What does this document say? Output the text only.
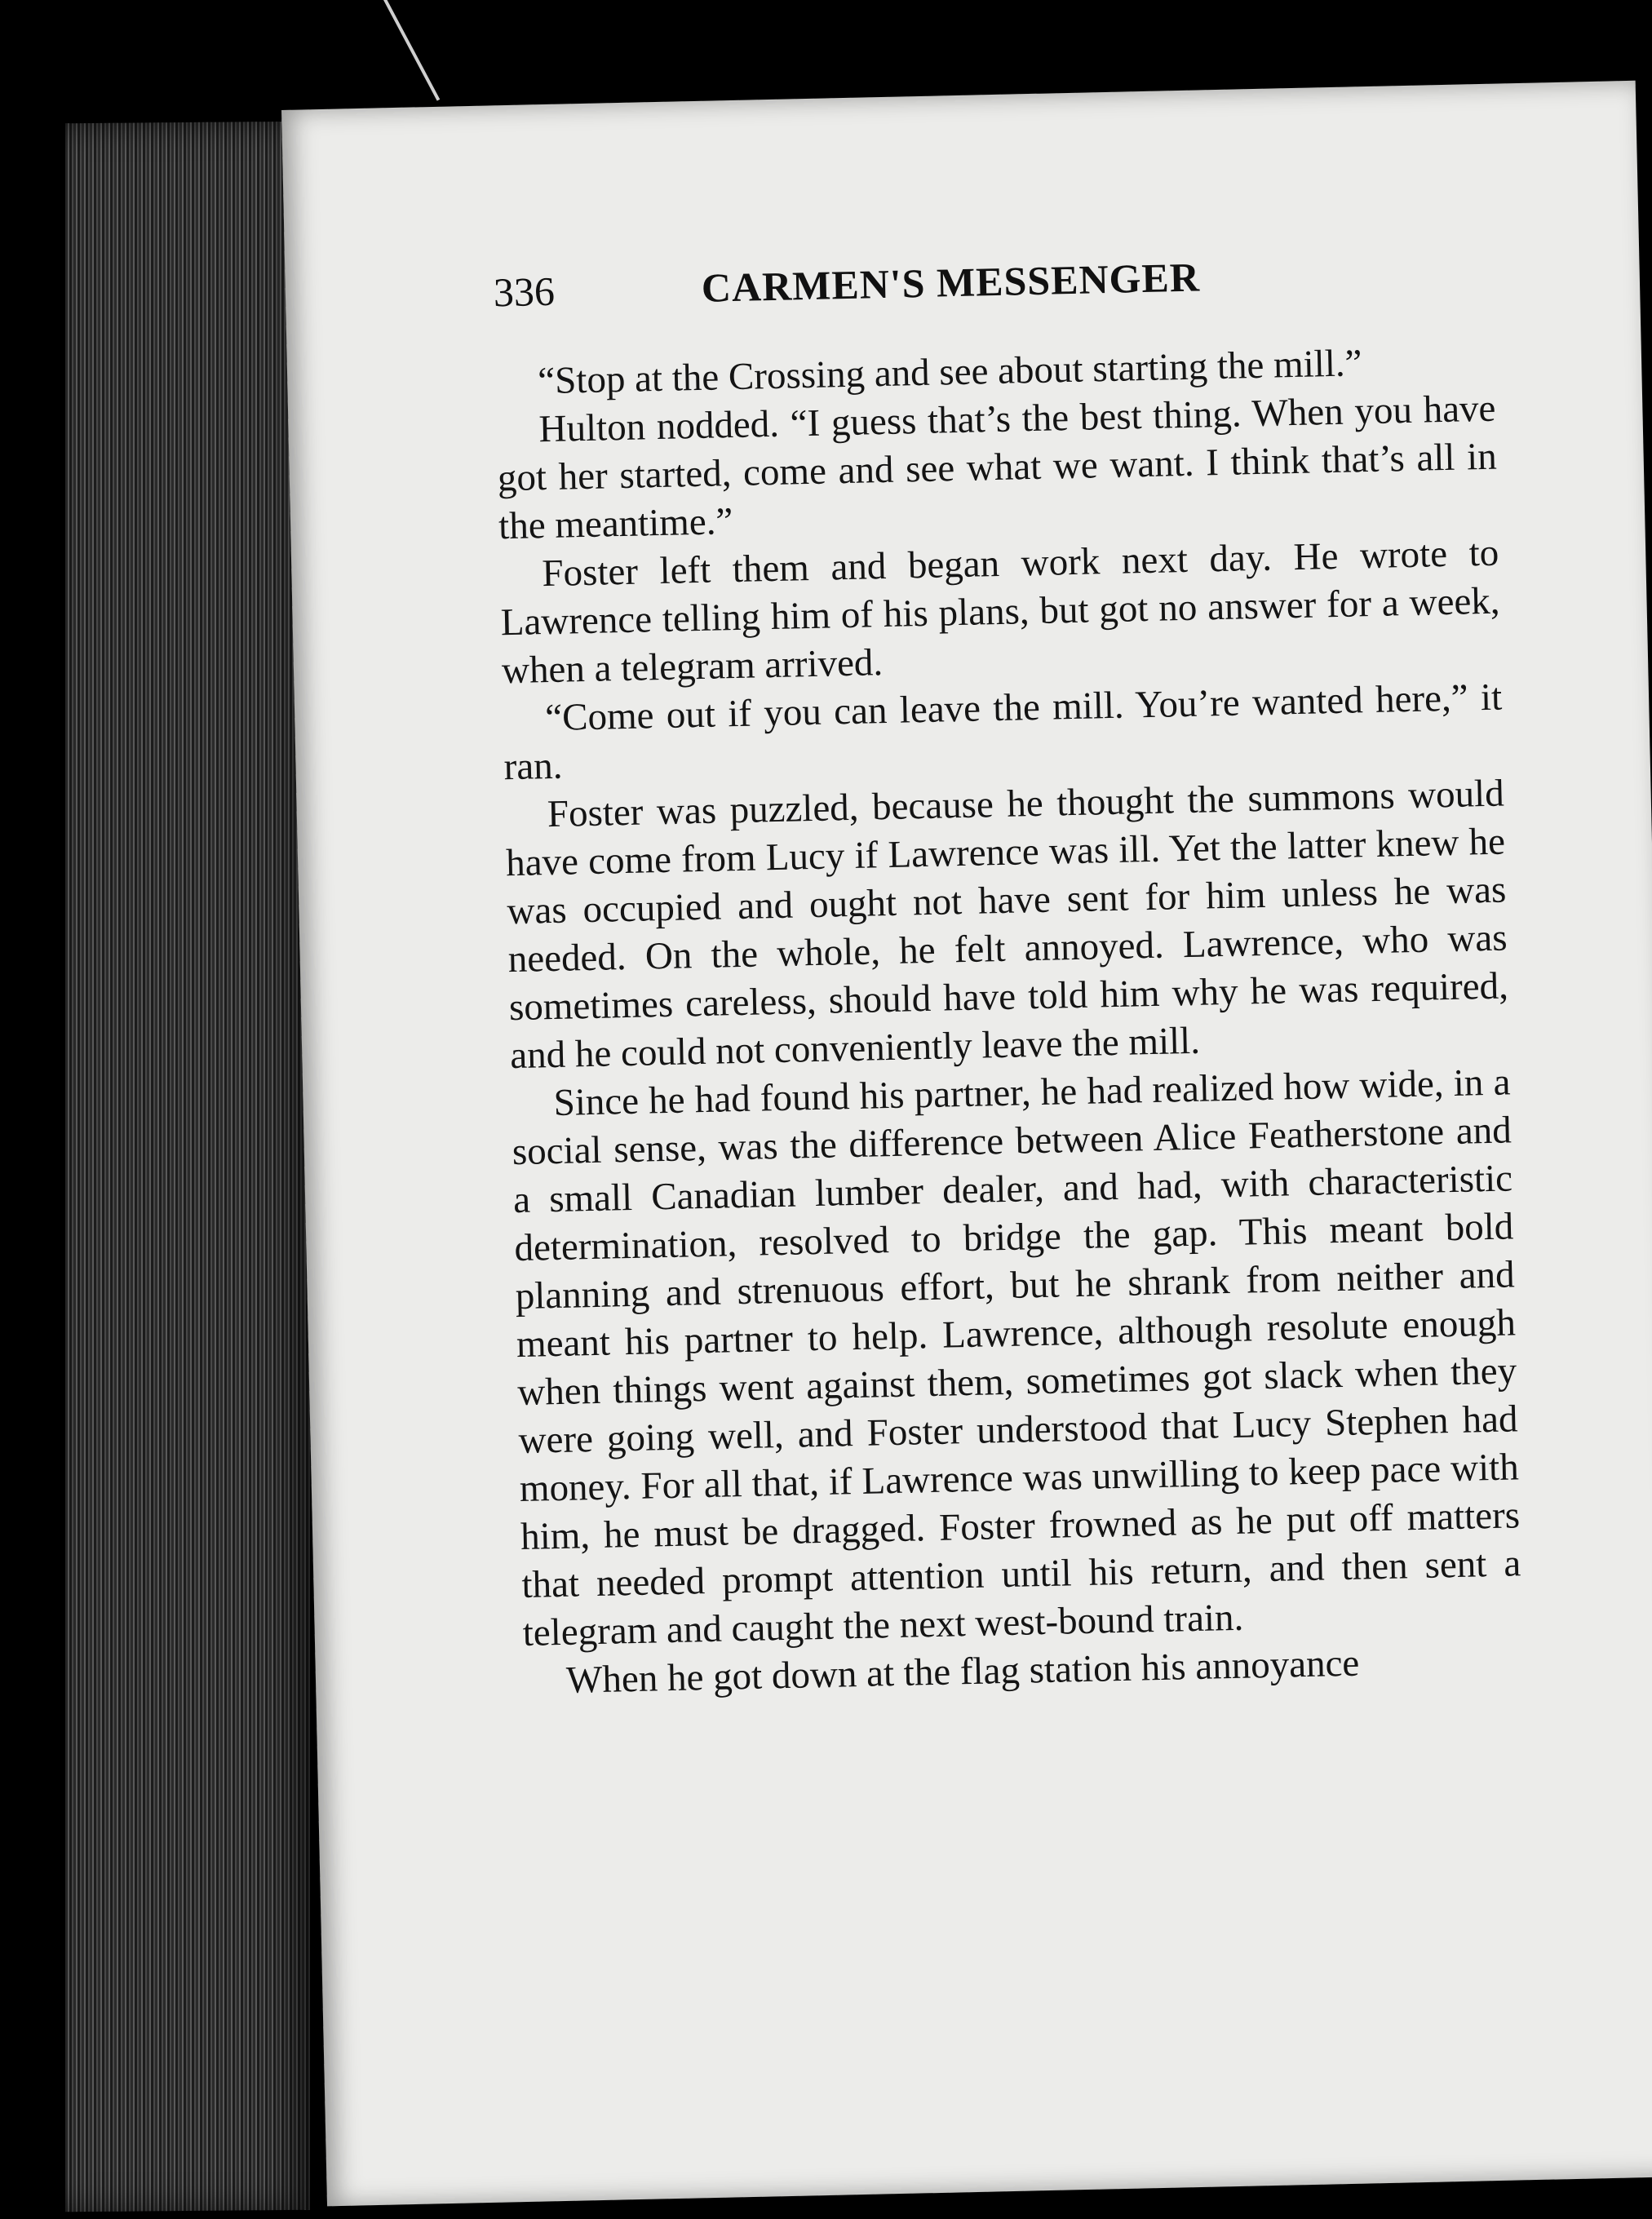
336	CARMEN'S MESSENGER

“Stop at the Crossing and see about starting the mill.”

Hulton nodded. “I guess that’s the best thing. When you have got her started, come and see what we want. I think that’s all in the meantime.”

Foster left them and began work next day. He wrote to Lawrence telling him of his plans, but got no answer for a week, when a telegram arrived.

“Come out if you can leave the mill. You’re wanted here,” it ran.

Foster was puzzled, because he thought the summons would have come from Lucy if Lawrence was ill. Yet the latter knew he was occupied and ought not have sent for him unless he was needed. On the whole, he felt annoyed. Lawrence, who was sometimes careless, should have told him why he was required, and he could not conveniently leave the mill.

Since he had found his partner, he had realized how wide, in a social sense, was the difference between Alice Featherstone and a small Canadian lumber dealer, and had, with characteristic determination, resolved to bridge the gap. This meant bold planning and strenuous effort, but he shrank from neither and meant his partner to help. Lawrence, although resolute enough when things went against them, sometimes got slack when they were going well, and Foster understood that Lucy Stephen had money. For all that, if Lawrence was unwilling to keep pace with him, he must be dragged. Foster frowned as he put off matters that needed prompt attention until his return, and then sent a telegram and caught the next west-bound train.

When he got down at the flag station his annoyance
